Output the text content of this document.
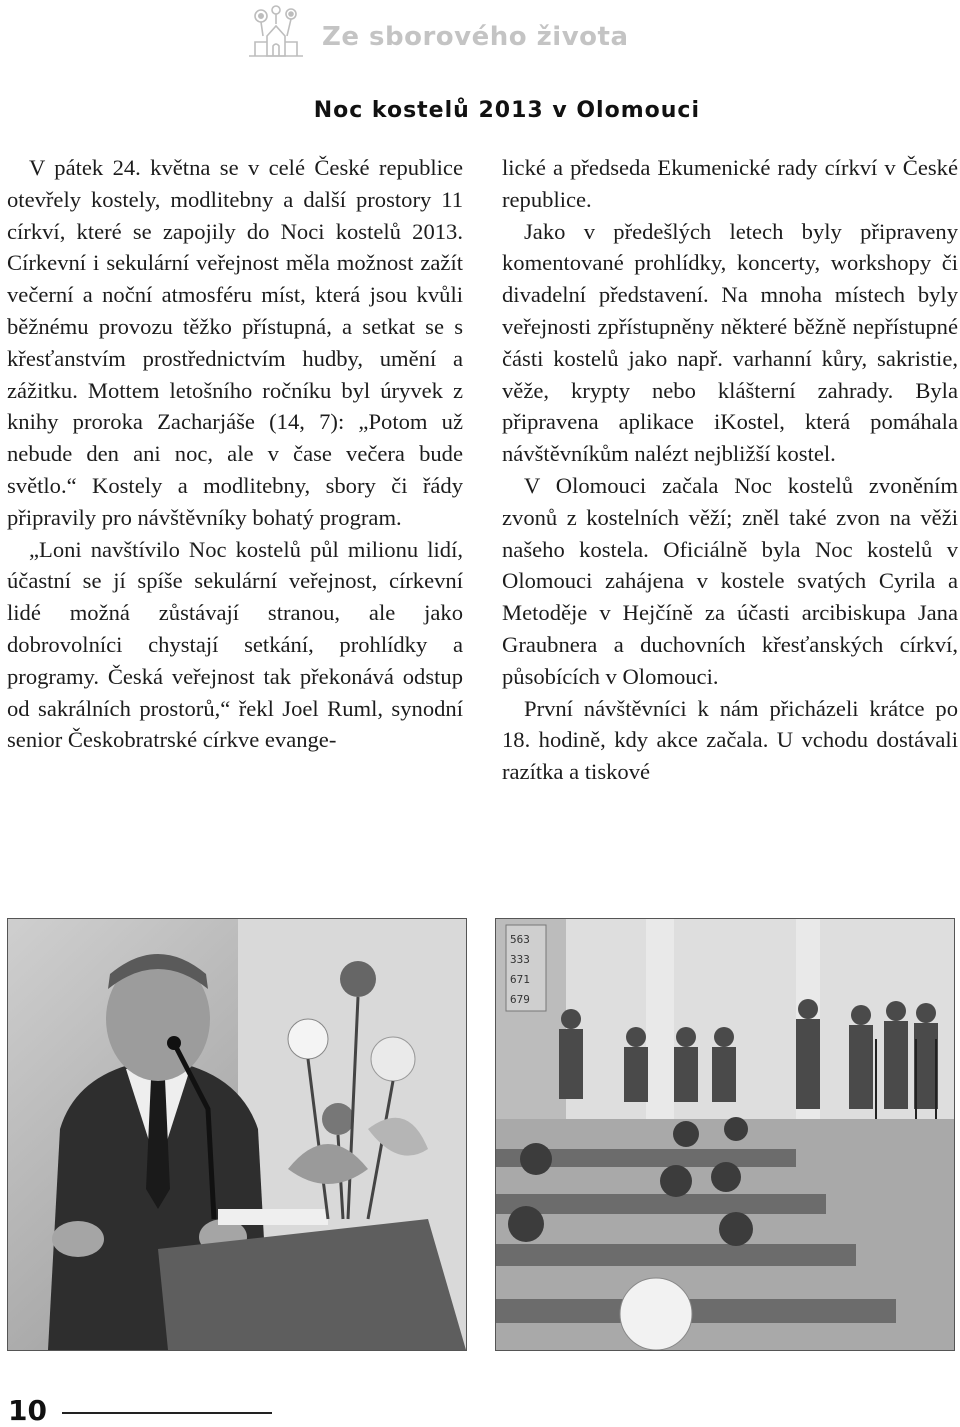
Ze sborového života
Noc kostelů 2013 v Olomouci

V pátek 24. května se v celé České republice otevřely kostely, modlitebny a další prostory 11 církví, které se zapojily do Noci kostelů 2013. Církevní i sekulární veřejnost měla možnost zažít večerní a noční atmosféru míst, která jsou kvůli běžnému provozu těžko přístupná, a setkat se s křesťanstvím prostřednictvím hudby, umění a zážitku. Mottem letošního ročníku byl úryvek z knihy proroka Zacharjáše (14, 7): „Potom už nebude den ani noc, ale v čase večera bude světlo.“ Kostely a modlitebny, sbory či řády připravily pro návštěvníky bohatý program.

„Loni navštívilo Noc kostelů půl milionu lidí, účastní se jí spíše sekulární veřejnost, církevní lidé možná zůstávají stranou, ale jako dobrovolníci chystají setkání, prohlídky a programy. Česká veřejnost tak překonává odstup od sakrálních prostorů,“ řekl Joel Ruml, synodní senior Českobratrské církve evange-

lické a předseda Ekumenické rady církví v České republice.

Jako v předešlých letech byly připraveny komentované prohlídky, koncerty, workshopy či divadelní představení. Na mnoha místech byly veřejnosti zpřístupněny některé běžně nepřístupné části kostelů jako např. varhanní kůry, sakristie, věže, krypty nebo klášterní zahrady. Byla připravena aplikace iKostel, která pomáhala návštěvníkům nalézt nejbližší kostel.

V Olomouci začala Noc kostelů zvoněním zvonů z kostelních věží; zněl také zvon na věži našeho kostela. Oficiálně byla Noc kostelů v Olomouci zahájena v kostele svatých Cyrila a Metoděje v Hejčíně za účasti arcibiskupa Jana Graubnera a duchovních křesťanských církví, působících v Olomouci.

První návštěvníci k nám přicházeli krátce po 18. hodině, kdy akce začala. U vchodu dostávali razítka a tiskové

563
333
671
679
10
